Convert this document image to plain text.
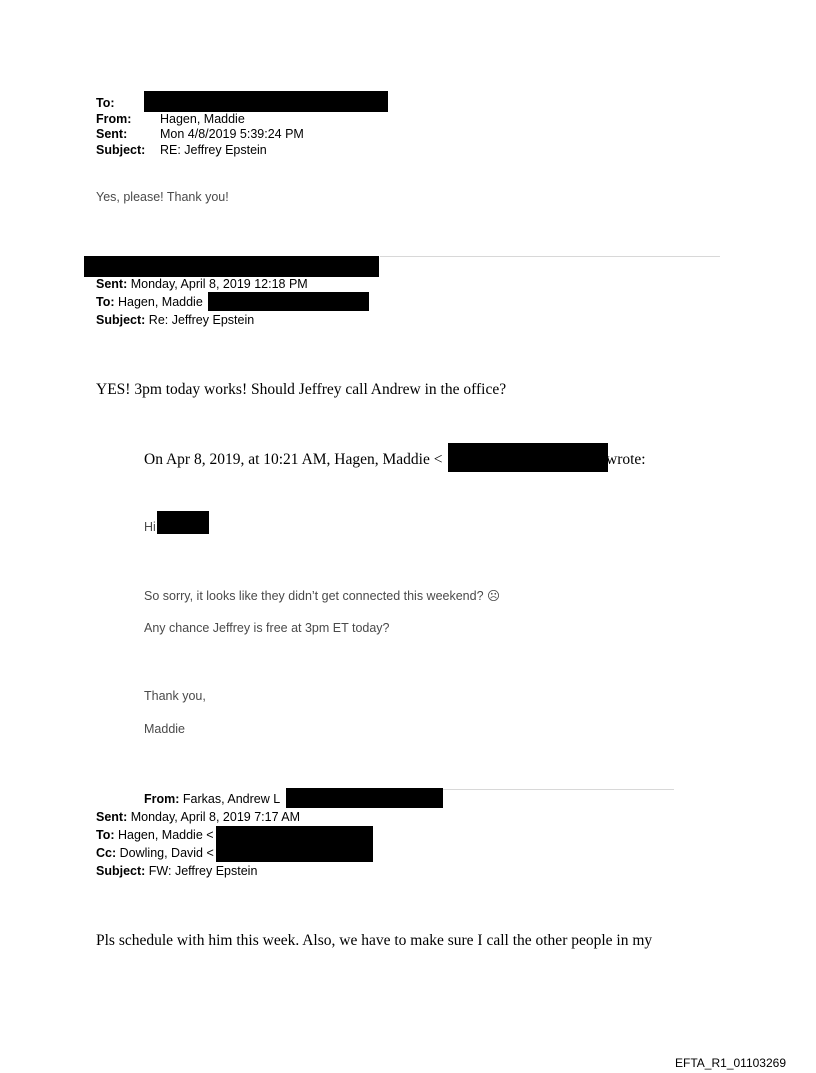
To:
From: Hagen, Maddie
Sent:	Mon 4/8/2019 5:39:24 PM
Subject: RE: Jeffrey Epstein
Yes, please! Thank you!
Sent: Monday, April 8, 2019 12:18 PM
To: Hagen, Maddie
Subject: Re: Jeffrey Epstein
YES! 3pm today works! Should Jeffrey call Andrew in the office?
On Apr 8, 2019, at 10:21 AM, Hagen, Maddie <	wrote:
Hi
So sorry, it looks like they didn’t get connected this weekend? ☹
Any chance Jeffrey is free at 3pm ET today?
Thank you,
Maddie
From: Farkas, Andrew L
Sent: Monday, April 8, 2019 7:17 AM
To: Hagen, Maddie <
Cc: Dowling, David <
Subject: FW: Jeffrey Epstein
Pls schedule with him this week. Also, we have to make sure I call the other people in my
EFTA_R1_01103269
